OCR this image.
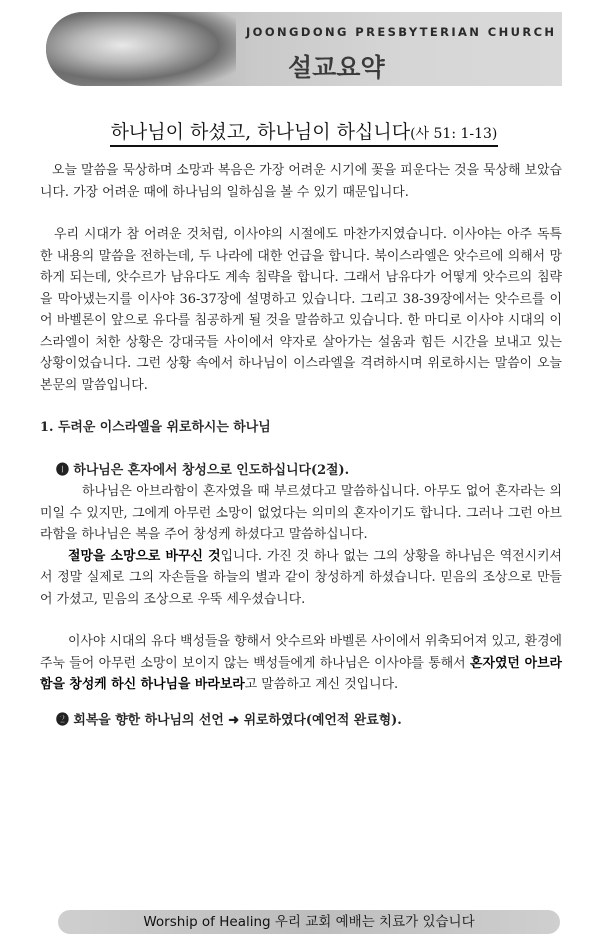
JOONGDONG PRESBYTERIAN CHURCH
설교요약
하나님이 하셨고, 하나님이 하십니다(사 51: 1-13)

오늘 말씀을 묵상하며 소망과 복음은 가장 어려운 시기에 꽃을 피운다는 것을 묵상해 보았습니다. 가장 어려운 때에 하나님의 일하심을 볼 수 있기 때문입니다.

우리 시대가 참 어려운 것처럼, 이사야의 시절에도 마찬가지였습니다. 이사야는 아주 독특한 내용의 말씀을 전하는데, 두 나라에 대한 언급을 합니다. 북이스라엘은 앗수르에 의해서 망하게 되는데, 앗수르가 남유다도 계속 침략을 합니다. 그래서 남유다가 어떻게 앗수르의 침략을 막아냈는지를 이사야 36-37장에 설명하고 있습니다. 그리고 38-39장에서는 앗수르를 이어 바벨론이 앞으로 유다를 침공하게 될 것을 말씀하고 있습니다. 한 마디로 이사야 시대의 이스라엘이 처한 상황은 강대국들 사이에서 약자로 살아가는 설움과 힘든 시간을 보내고 있는 상황이었습니다. 그런 상황 속에서 하나님이 이스라엘을 격려하시며 위로하시는 말씀이 오늘 본문의 말씀입니다.

1. 두려운 이스라엘을 위로하시는 하나님

❶ 하나님은 혼자에서 창성으로 인도하십니다(2절).

하나님은 아브라함이 혼자였을 때 부르셨다고 말씀하십니다. 아무도 없어 혼자라는 의미일 수 있지만, 그에게 아무런 소망이 없었다는 의미의 혼자이기도 합니다. 그러나 그런 아브라함을 하나님은 복을 주어 창성케 하셨다고 말씀하십니다.

절망을 소망으로 바꾸신 것입니다. 가진 것 하나 없는 그의 상황을 하나님은 역전시키셔서 정말 실제로 그의 자손들을 하늘의 별과 같이 창성하게 하셨습니다. 믿음의 조상으로 만들어 가셨고, 믿음의 조상으로 우뚝 세우셨습니다.

이사야 시대의 유다 백성들을 향해서 앗수르와 바벨론 사이에서 위축되어져 있고, 환경에 주눅 들어 아무런 소망이 보이지 않는 백성들에게 하나님은 이사야를 통해서 혼자였던 아브라함을 창성케 하신 하나님을 바라보라고 말씀하고 계신 것입니다.

❷ 회복을 향한 하나님의 선언 ➜ 위로하였다(예언적 완료형).

Worship of Healing 우리 교회 예배는 치료가 있습니다
